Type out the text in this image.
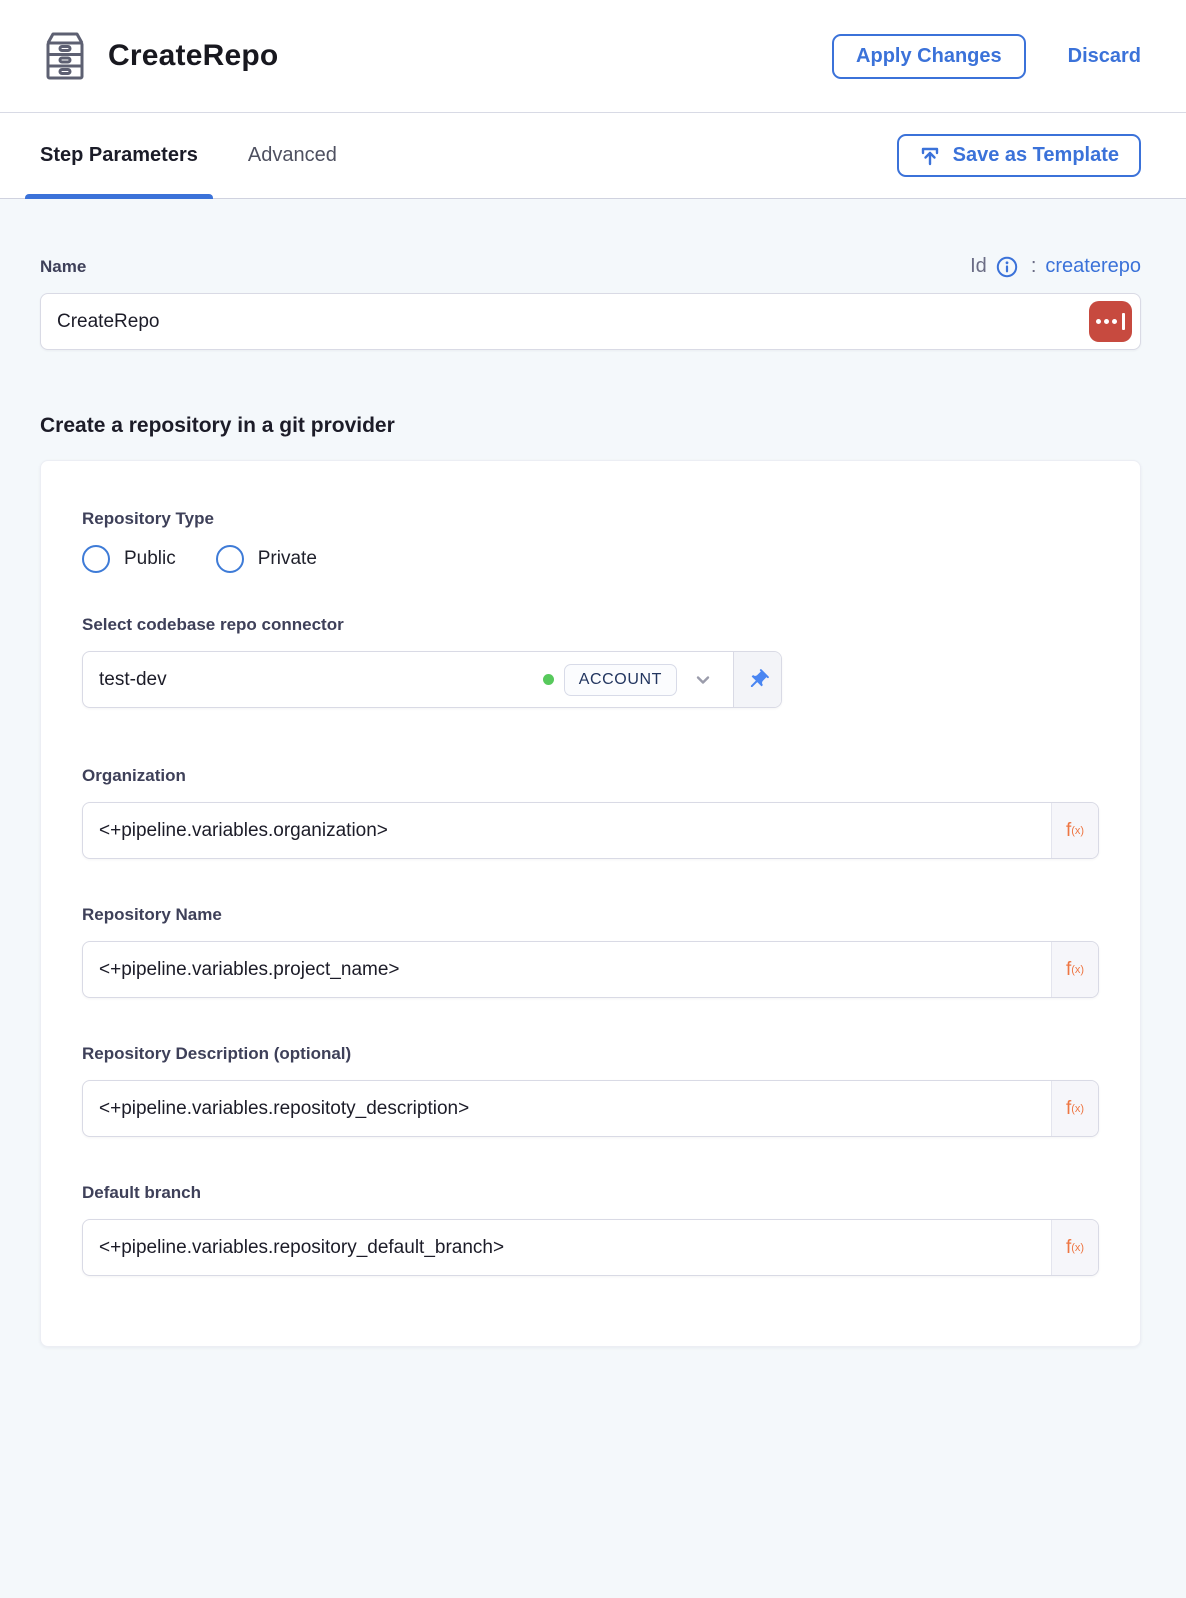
CreateRepo	Apply Changes	Discard
Step Parameters	Advanced	Save as Template
Name	Id : createrepo
CreateRepo
Create a repository in a git provider
Repository Type
Public	Private
Select codebase repo connector
test-dev	ACCOUNT
Organization
<+pipeline.variables.organization>
f (x)
Repository Name
<+pipeline.variables.project_name>
f (x)
Repository Description (optional)
<+pipeline.variables.repositoty_description>
f (x)
Default branch
<+pipeline.variables.repository_default_branch>
f (x)
